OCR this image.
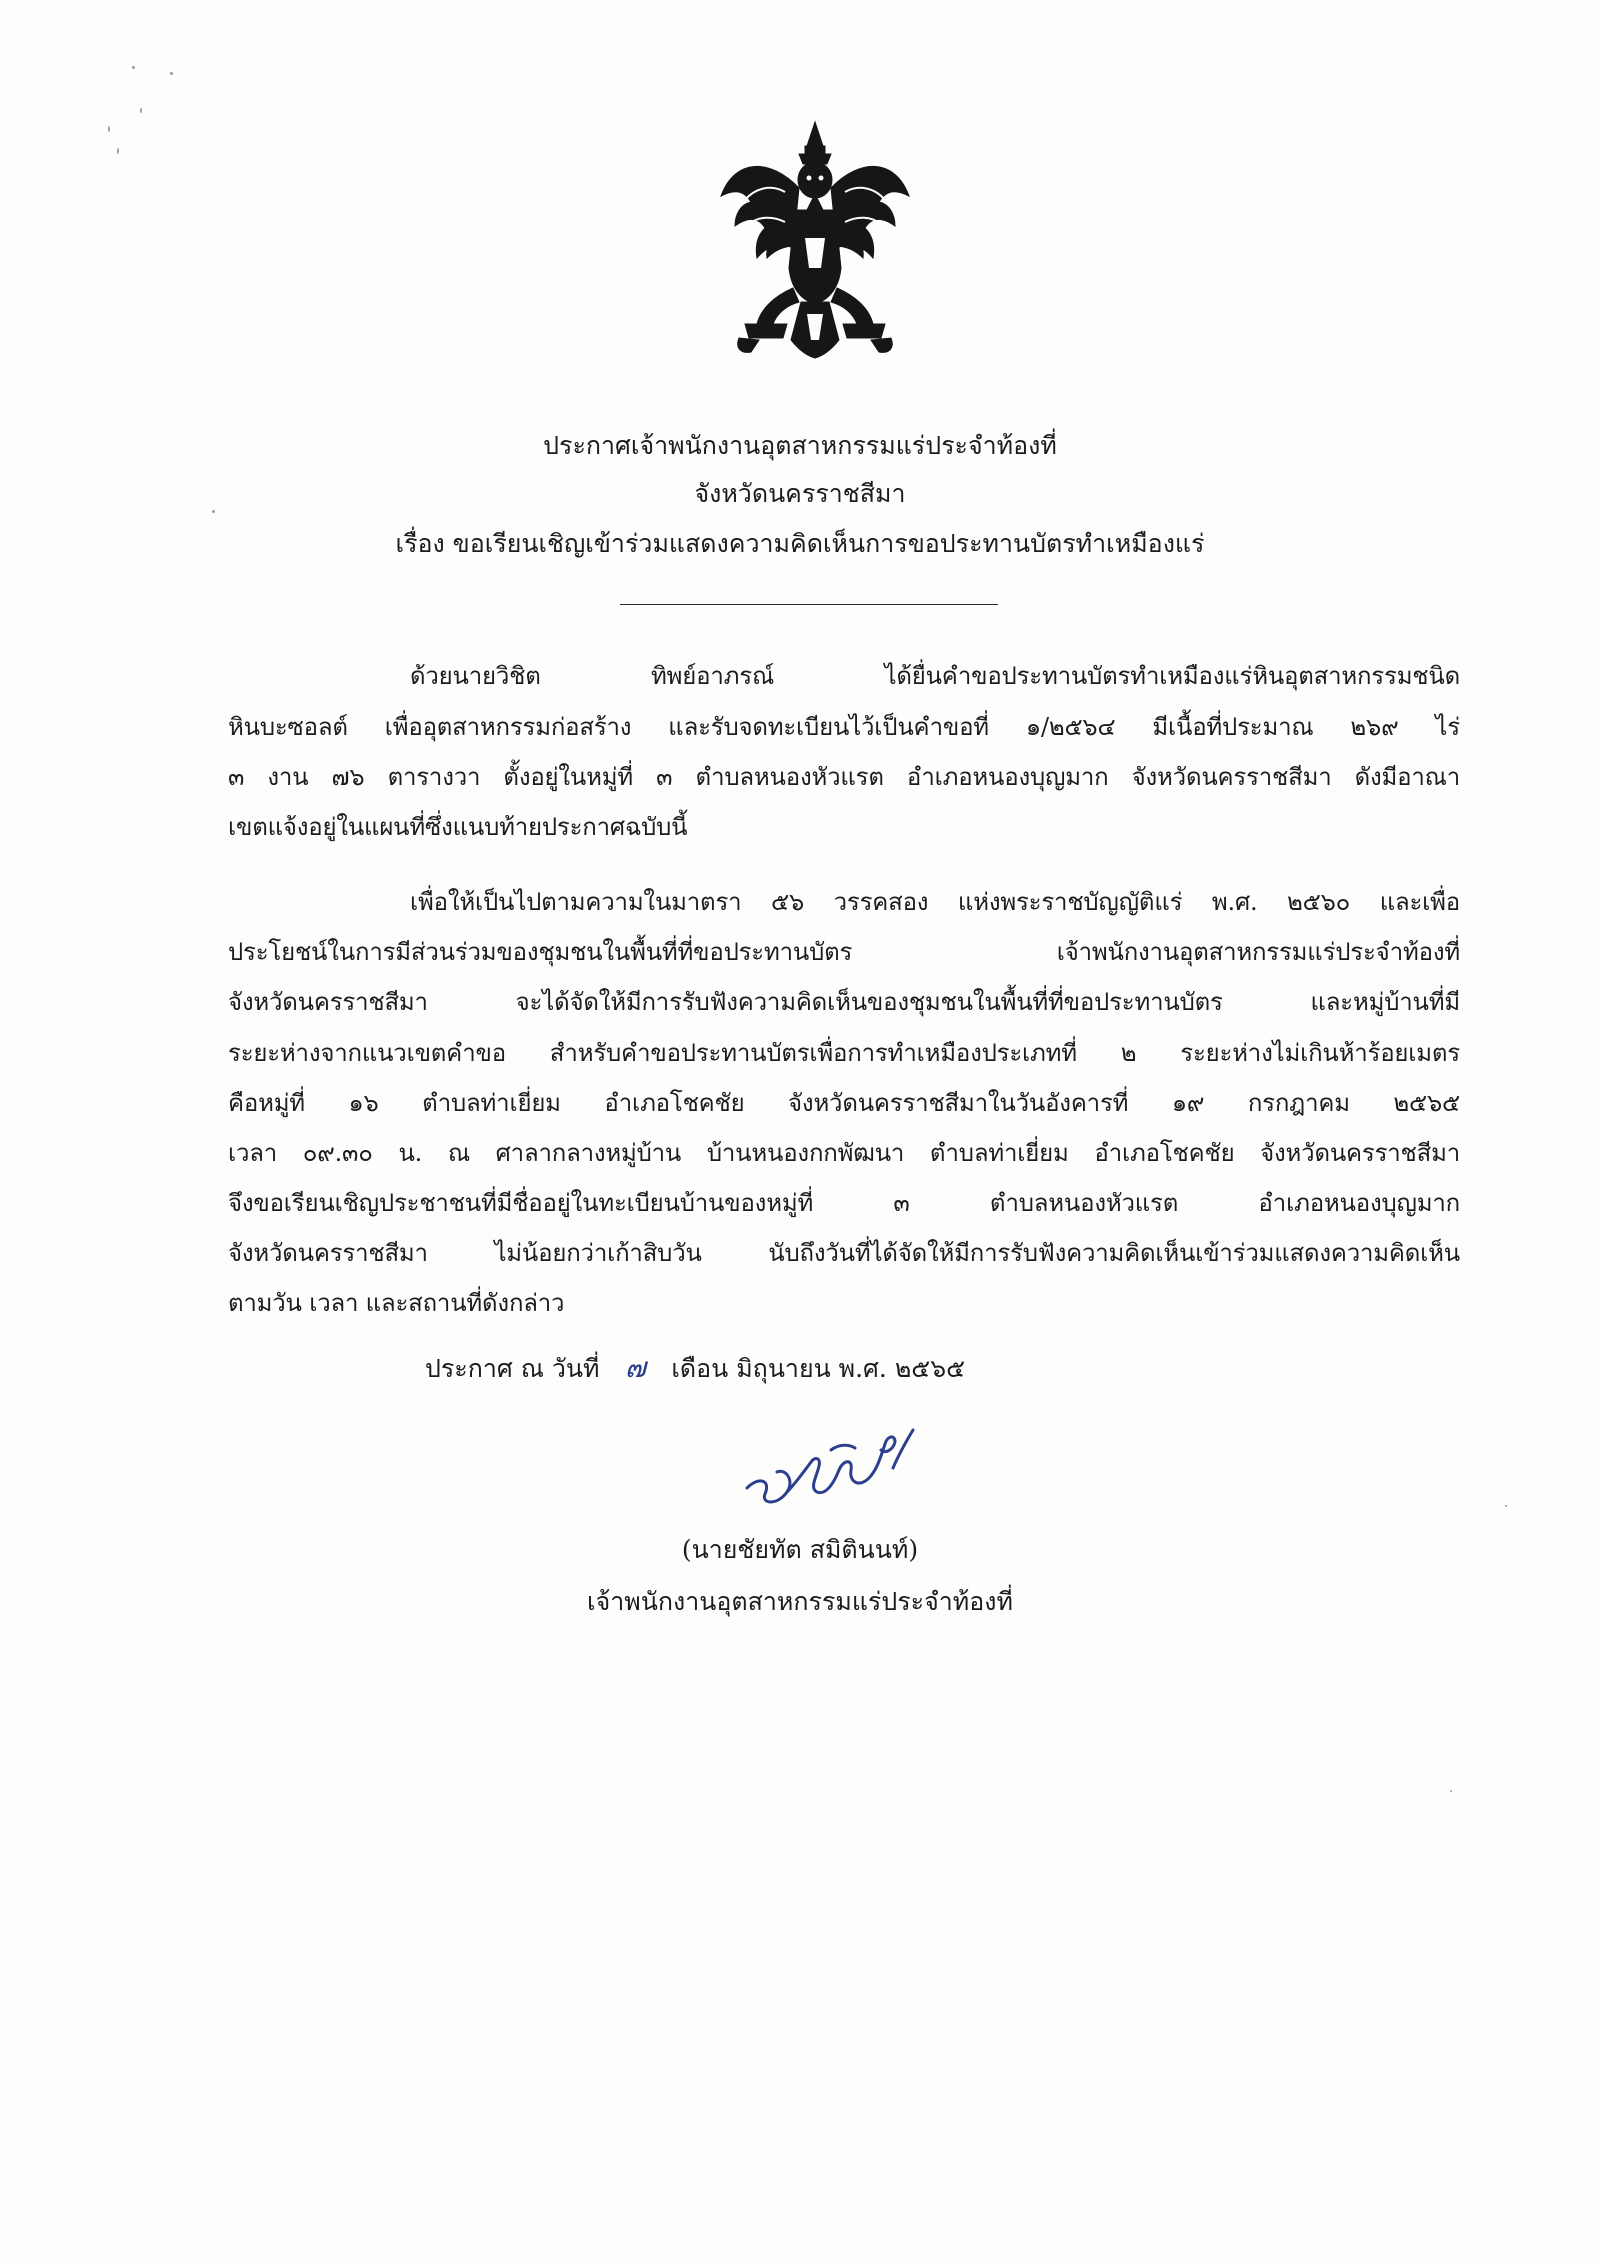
ประกาศเจ้าพนักงานอุตสาหกรรมแร่ประจำท้องที่
จังหวัดนครราชสีมา
เรื่อง ขอเรียนเชิญเข้าร่วมแสดงความคิดเห็นการขอประทานบัตรทำเหมืองแร่
ด้วยนายวิชิต ทิพย์อาภรณ์ ได้ยื่นคำขอประทานบัตรทำเหมืองแร่หินอุตสาหกรรมชนิด
หินบะซอลต์ เพื่ออุตสาหกรรมก่อสร้าง และรับจดทะเบียนไว้เป็นคำขอที่ ๑/๒๕๖๔ มีเนื้อที่ประมาณ ๒๖๙ ไร่
๓ งาน ๗๖ ตารางวา ตั้งอยู่ในหมู่ที่ ๓ ตำบลหนองหัวแรต อำเภอหนองบุญมาก จังหวัดนครราชสีมา ดังมีอาณา
เขตแจ้งอยู่ในแผนที่ซึ่งแนบท้ายประกาศฉบับนี้
เพื่อให้เป็นไปตามความในมาตรา ๕๖ วรรคสอง แห่งพระราชบัญญัติแร่ พ.ศ. ๒๕๖๐ และเพื่อ
ประโยชน์ในการมีส่วนร่วมของชุมชนในพื้นที่ที่ขอประทานบัตร เจ้าพนักงานอุตสาหกรรมแร่ประจำท้องที่
จังหวัดนครราชสีมา จะได้จัดให้มีการรับฟังความคิดเห็นของชุมชนในพื้นที่ที่ขอประทานบัตร และหมู่บ้านที่มี
ระยะห่างจากแนวเขตคำขอ สำหรับคำขอประทานบัตรเพื่อการทำเหมืองประเภทที่ ๒ ระยะห่างไม่เกินห้าร้อยเมตร
คือหมู่ที่ ๑๖ ตำบลท่าเยี่ยม อำเภอโชคชัย จังหวัดนครราชสีมาในวันอังคารที่ ๑๙ กรกฎาคม ๒๕๖๕
เวลา ๐๙.๓๐ น. ณ ศาลากลางหมู่บ้าน บ้านหนองกกพัฒนา ตำบลท่าเยี่ยม อำเภอโชคชัย จังหวัดนครราชสีมา
จึงขอเรียนเชิญประชาชนที่มีชื่ออยู่ในทะเบียนบ้านของหมู่ที่ ๓ ตำบลหนองหัวแรต อำเภอหนองบุญมาก
จังหวัดนครราชสีมา ไม่น้อยกว่าเก้าสิบวัน นับถึงวันที่ได้จัดให้มีการรับฟังความคิดเห็นเข้าร่วมแสดงความคิดเห็น
ตามวัน เวลา และสถานที่ดังกล่าว
ประกาศ ณ วันที่ ๗ เดือน มิถุนายน พ.ศ. ๒๕๖๕
(นายชัยทัต สมิตินนท์)
เจ้าพนักงานอุตสาหกรรมแร่ประจำท้องที่
